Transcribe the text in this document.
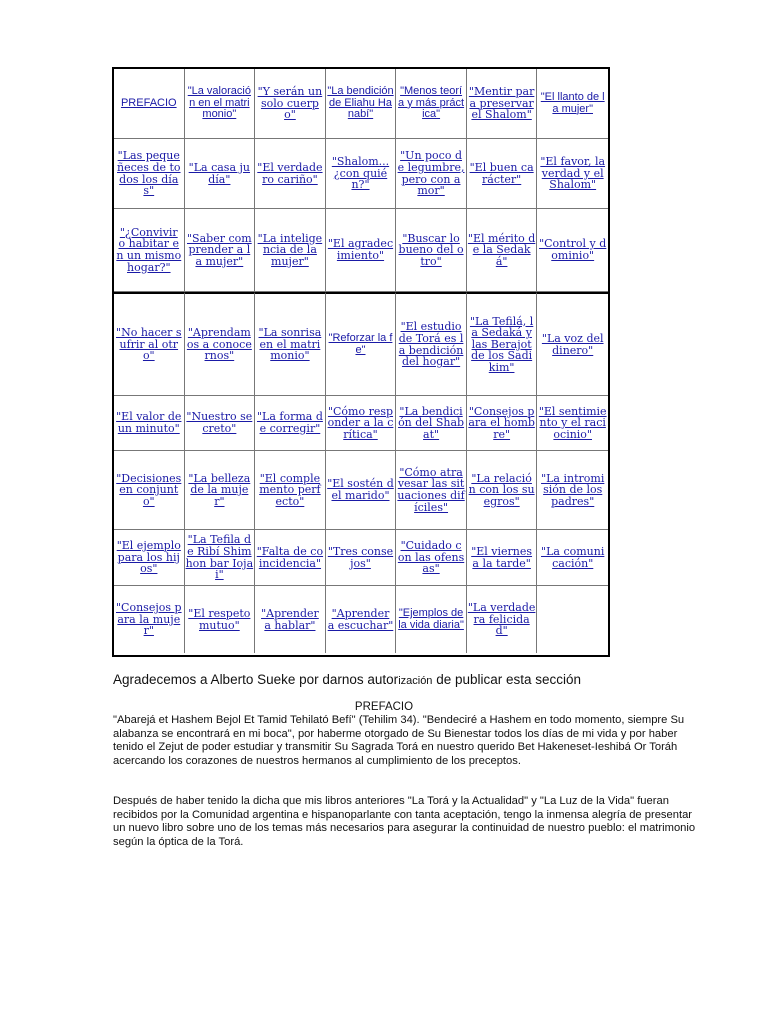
PREFACIO
"La valoración en el matrimonio"
"Y serán un solo cuerpo"
"La bendición de Eliahu Hanabí"
"Menos teoría y más práctica"
"Mentir para preservar el Shalom"
"El llanto de la mujer"
"Las pequeñeces de todos los días"
"La casa judía"
"El verdadero cariño"
"Shalom... ¿con quién?"
"Un poco de legumbre, pero con amor"
"El buen carácter"
"El favor, la verdad y el Shalom"
"¿Convivir o habitar en un mismo hogar?"
"Saber comprender a la mujer"
"La inteligencia de la mujer"
"El agradecimiento"
"Buscar lo bueno del otro"
"El mérito de la Sedaká"
"Control y dominio"
"No hacer sufrir al otro"
"Aprendamos a conocernos"
"La sonrisa en el matrimonio"
"Reforzar la fe"
"El estudio de Torá es la bendición del hogar"
"La Tefilá, la Sedaká y las Berajot de los Sadikim"
"La voz del dinero"
"El valor de un minuto"
"Nuestro secreto"
"La forma de corregir"
"Cómo responder a la crítica"
"La bendición del Shabat"
"Consejos para el hombre"
"El sentimiento y el raciocinio"
"Decisiones en conjunto"
"La belleza de la mujer"
"El complemento perfecto"
"El sostén del marido"
"Cómo atravesar las situaciones difíciles"
"La relación con los suegros"
"La intromisión de los padres"
"El ejemplo para los hijos"
"La Tefila de Ribí Shimhon bar Iojai"
"Falta de coincidencia"
"Tres consejos"
"Cuidado con las ofensas"
"El viernes a la tarde"
"La comunicación"
"Consejos para la mujer"
"El respeto mutuo"
"Aprender a hablar"
"Aprender a escuchar"
"Ejemplos de la vida diaria"
"La verdadera felicidad"
Agradecemos a Alberto Sueke por darnos autorización de publicar esta sección
PREFACIO

"Abarejá et Hashem Bejol Et Tamid Tehilató Befí" (Tehilim 34). "Bendeciré a Hashem en todo momento, siempre Su alabanza se encontrará en mi boca", por haberme otorgado de Su Bienestar todos los días de mi vida y por haber tenido el Zejut de poder estudiar y transmitir Su Sagrada Torá en nuestro querido Bet Hakeneset-Ieshibá Or Toráh acercando los corazones de nuestros hermanos al cumplimiento de los preceptos.

Después de haber tenido la dicha que mis libros anteriores "La Torá y la Actualidad" y "La Luz de la Vida" fueran recibidos por la Comunidad argentina e hispanoparlante con tanta aceptación, tengo la inmensa alegría de presentar un nuevo libro sobre uno de los temas más necesarios para asegurar la continuidad de nuestro pueblo: el matrimonio según la óptica de la Torá.
